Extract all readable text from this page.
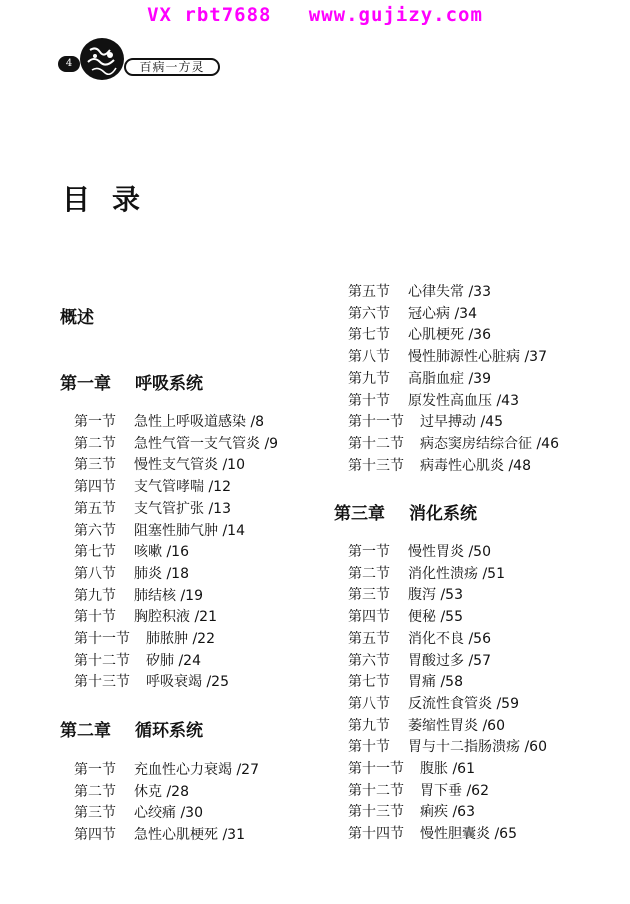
VX rbt7688   www.gujizy.com
4	百病一方灵
目录
概述
第一章 呼吸系统
第一节 急性上呼吸道感染 /8
第二节 急性气管一支气管炎 /9
第三节 慢性支气管炎 /10
第四节 支气管哮喘 /12
第五节 支气管扩张 /13
第六节 阻塞性肺气肿 /14
第七节 咳嗽 /16
第八节 肺炎 /18
第九节 肺结核 /19
第十节 胸腔积液 /21
第十一节 肺脓肿 /22
第十二节 矽肺 /24
第十三节 呼吸衰竭 /25
第二章 循环系统
第一节 充血性心力衰竭 /27
第二节 休克 /28
第三节 心绞痛 /30
第四节 急性心肌梗死 /31
第五节 心律失常 /33
第六节 冠心病 /34
第七节 心肌梗死 /36
第八节 慢性肺源性心脏病 /37
第九节 高脂血症 /39
第十节 原发性高血压 /43
第十一节 过早搏动 /45
第十二节 病态窦房结综合征 /46
第十三节 病毒性心肌炎 /48
第三章 消化系统
第一节 慢性胃炎 /50
第二节 消化性溃疡 /51
第三节 腹泻 /53
第四节 便秘 /55
第五节 消化不良 /56
第六节 胃酸过多 /57
第七节 胃痛 /58
第八节 反流性食管炎 /59
第九节 萎缩性胃炎 /60
第十节 胃与十二指肠溃疡 /60
第十一节 腹胀 /61
第十二节 胃下垂 /62
第十三节 痢疾 /63
第十四节 慢性胆囊炎 /65
